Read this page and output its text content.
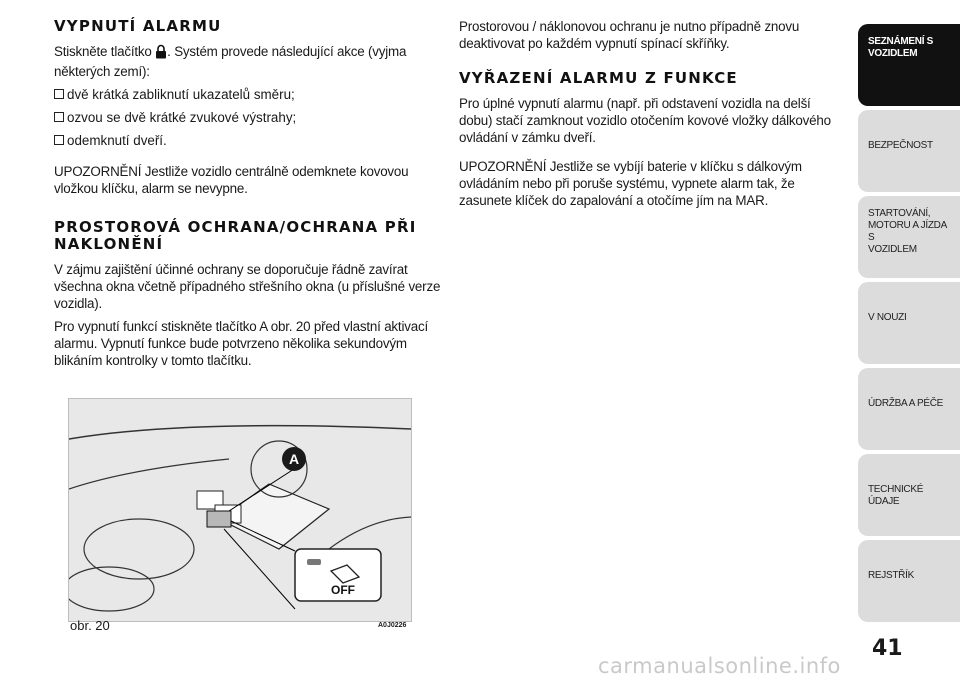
VYPNUTÍ ALARMU

Stiskněte tlačítko . Systém provede následující akce (vyjma některých zemí):

dvě krátká zabliknutí ukazatelů směru;
ozvou se dvě krátké zvukové výstrahy;
odemknutí dveří.

UPOZORNĚNÍ Jestliže vozidlo centrálně odemknete kovovou vložkou klíčku, alarm se nevypne.

PROSTOROVÁ OCHRANA/OCHRANA PŘI NAKLONĚNÍ

V zájmu zajištění účinné ochrany se doporučuje řádně zavírat všechna okna včetně případného střešního okna (u příslušné verze vozidla).

Pro vypnutí funkcí stiskněte tlačítko A obr. 20 před vlastní aktivací alarmu. Vypnutí funkce bude potvrzeno několika sekundovým blikáním kontrolky v tomto tlačítku.

Prostorovou / náklonovou ochranu je nutno případně znovu deaktivovat po každém vypnutí spínací skříňky.

VYŘAZENÍ ALARMU Z FUNKCE

Pro úplné vypnutí alarmu (např. při odstavení vozidla na delší dobu) stačí zamknout vozidlo otočením kovové vložky dálkového ovládání v zámku dveří.

UPOZORNĚNÍ Jestliže se vybíjí baterie v klíčku s dálkovým ovládáním nebo při poruše systému, vypnete alarm tak, že zasunete klíček do zapalování a otočíme jím na MAR.

A
OFF
obr. 20	A0J0226
SEZNÁMENÍ S
VOZIDLEM
BEZPEČNOST
STARTOVÁNÍ,
MOTORU A JÍZDA S
VOZIDLEM
V NOUZI
ÚDRŽBA A PÉČE
TECHNICKÉ ÚDAJE
REJSTŘÍK
41
carmanualsonline.info
